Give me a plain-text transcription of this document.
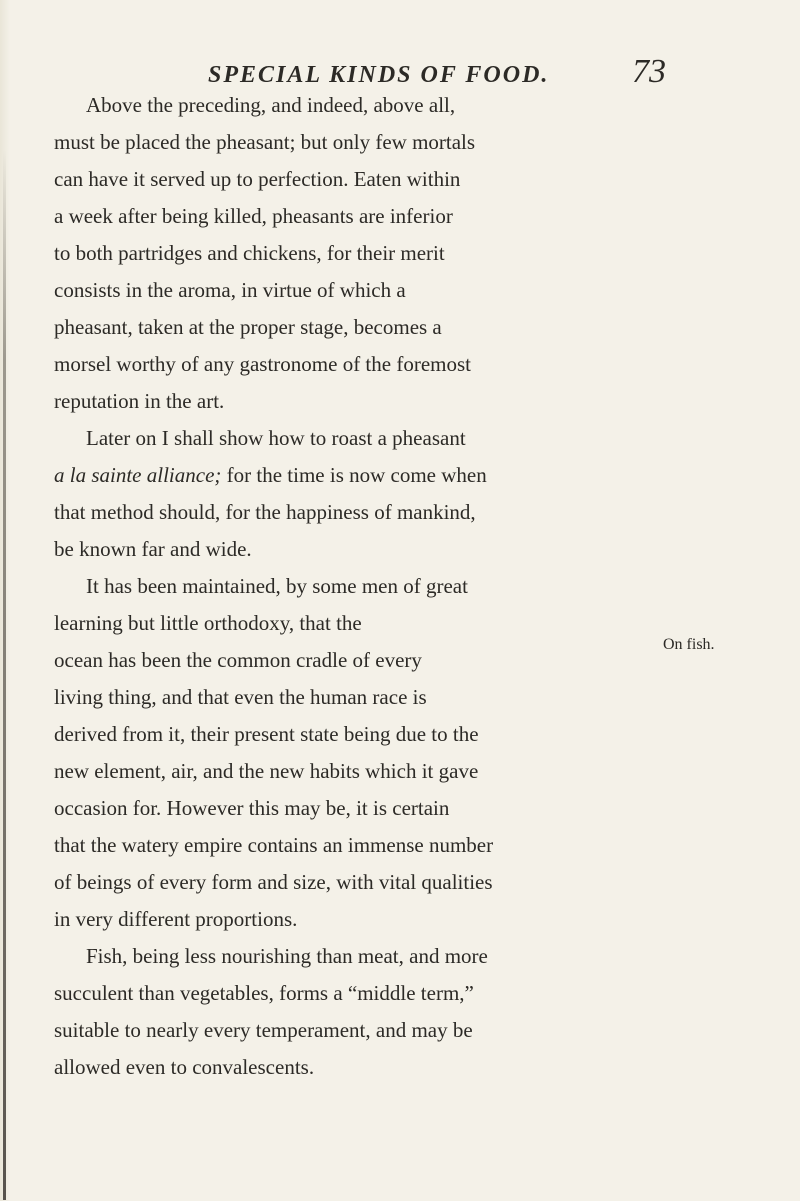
SPECIAL KINDS OF FOOD. 73
Above the preceding, and indeed, above all,
must be placed the pheasant; but only few mortals
can have it served up to perfection. Eaten within
a week after being killed, pheasants are inferior
to both partridges and chickens, for their merit
consists in the aroma, in virtue of which a
pheasant, taken at the proper stage, becomes a
morsel worthy of any gastronome of the foremost
reputation in the art.
Later on I shall show how to roast a pheasant
a la sainte alliance; for the time is now come when
that method should, for the happiness of mankind,
be known far and wide.
It has been maintained, by some men of great
learning but little orthodoxy, that the
ocean has been the common cradle of every
living thing, and that even the human race is
derived from it, their present state being due to the
new element, air, and the new habits which it gave
occasion for. However this may be, it is certain
that the watery empire contains an immense number
of beings of every form and size, with vital qualities
in very different proportions.
Fish, being less nourishing than meat, and more
succulent than vegetables, forms a “middle term,”
suitable to nearly every temperament, and may be
allowed even to convalescents.
On fish.
